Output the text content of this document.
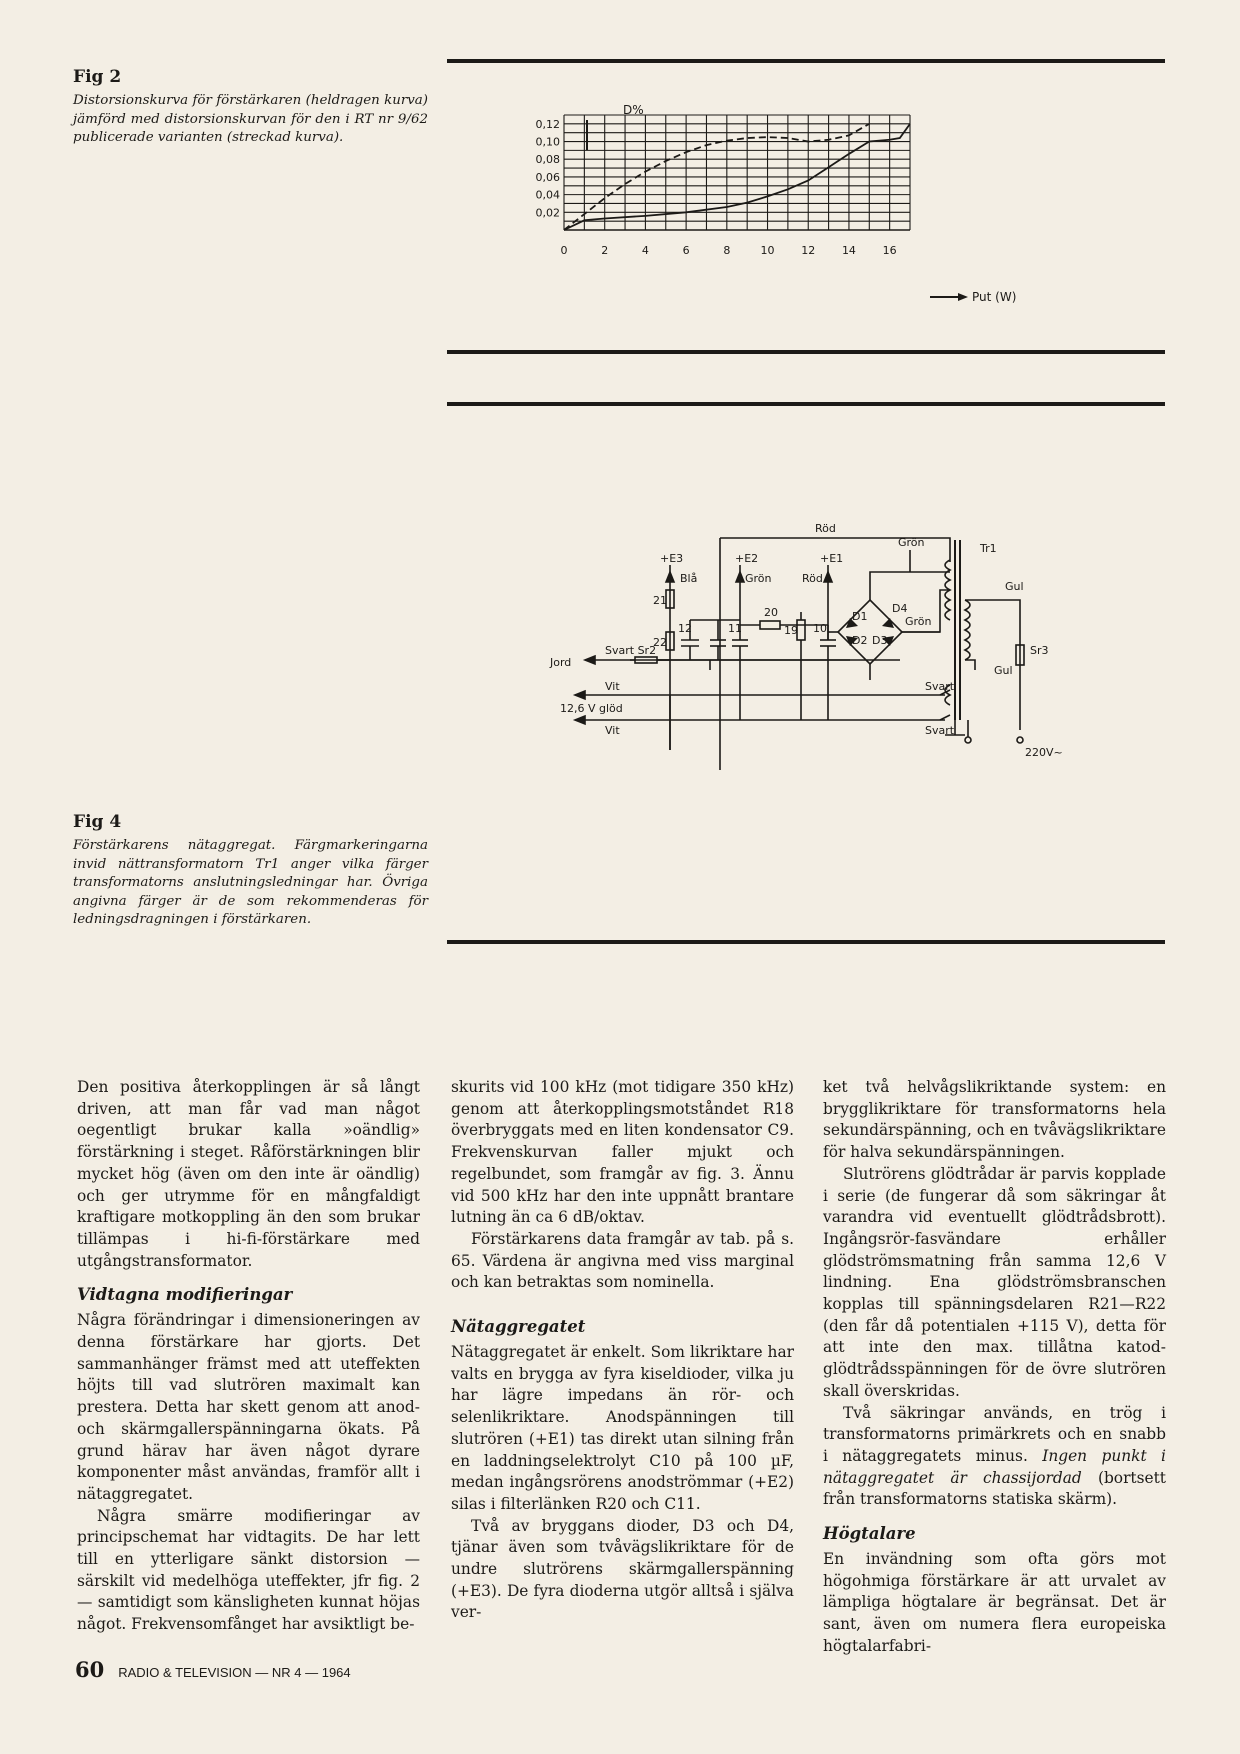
Fig 2
Distorsionskurva för förstärkaren (heldragen kurva) jämförd med distorsionskurvan för den i RT nr 9/62 publicerade varianten (streckad kurva).
0	2	4	6	8	10 12 14 16
0,12
0,10
0,08
0,06
0,04
0,02
D%
Put (W)
Röd
+E3
Blå
+E2
Grön
+E1
Röd
Grön	Tr1
20	D1
D2 D3
D4
21
12	11	19 10
Grön
Gul
22
Sr3
Gul
Jord
Svart Sr2
Vit	Svart
12,6 V glöd
Vit	Svart
220V~
Fig 4
Förstärkarens nätaggregat. Färgmarkeringarna invid nättransformatorn Tr1 anger vilka färger transformatorns anslutningsledningar har. Övriga angivna färger är de som rekommenderas för ledningsdragningen i förstärkaren.

Den positiva återkopplingen är så långt driven, att man får vad man något oegentligt brukar kalla »oändlig» förstärkning i steget. Råförstärkningen blir mycket hög (även om den inte är oändlig) och ger utrymme för en mångfaldigt kraftigare motkoppling än den som brukar tillämpas i hi-fi-förstärkare med utgångstransformator.

Vidtagna modifieringar

Några förändringar i dimensioneringen av denna förstärkare har gjorts. Det sammanhänger främst med att uteffekten höjts till vad slutrören maximalt kan prestera. Detta har skett genom att anod- och skärmgallerspänningarna ökats. På grund härav har även något dyrare komponenter måst användas, framför allt i nätaggregatet.

Några smärre modifieringar av principschemat har vidtagits. De har lett till en ytterligare sänkt distorsion — särskilt vid medelhöga uteffekter, jfr fig. 2 — samtidigt som känsligheten kunnat höjas något. Frekvensomfånget har avsiktligt be-

skurits vid 100 kHz (mot tidigare 350 kHz) genom att återkopplingsmotståndet R18 överbryggats med en liten kondensator C9. Frekvenskurvan faller mjukt och regelbundet, som framgår av fig. 3. Ännu vid 500 kHz har den inte uppnått brantare lutning än ca 6 dB/oktav.

Förstärkarens data framgår av tab. på s. 65. Värdena är angivna med viss marginal och kan betraktas som nominella.

Nätaggregatet

Nätaggregatet är enkelt. Som likriktare har valts en brygga av fyra kiseldioder, vilka ju har lägre impedans än rör- och selenlikriktare. Anodspänningen till slutrören (+E1) tas direkt utan silning från en laddningselektrolyt C10 på 100 µF, medan ingångsrörens anodströmmar (+E2) silas i filterlänken R20 och C11.

Två av bryggans dioder, D3 och D4, tjänar även som tvåvägslikriktare för de undre slutrörens skärmgallerspänning (+E3). De fyra dioderna utgör alltså i själva ver-

ket två helvågslikriktande system: en brygglikriktare för transformatorns hela sekundärspänning, och en tvåvägslikriktare för halva sekundärspänningen.

Slutrörens glödtrådar är parvis kopplade i serie (de fungerar då som säkringar åt varandra vid eventuellt glödtrådsbrott). Ingångsrör-fasvändare erhåller glödströmsmatning från samma 12,6 V lindning. Ena glödströmsbranschen kopplas till spänningsdelaren R21—R22 (den får då potentialen +115 V), detta för att inte den max. tillåtna katod-glödtrådsspänningen för de övre slutrören skall överskridas.

Två säkringar används, en trög i transformatorns primärkrets och en snabb i nätaggregatets minus. Ingen punkt i nätaggregatet är chassijordad (bortsett från transformatorns statiska skärm).

Högtalare

En invändning som ofta görs mot högohmiga förstärkare är att urvalet av lämpliga högtalare är begränsat. Det är sant, även om numera flera europeiska högtalarfabri-

60 RADIO & TELEVISION — NR 4 — 1964
